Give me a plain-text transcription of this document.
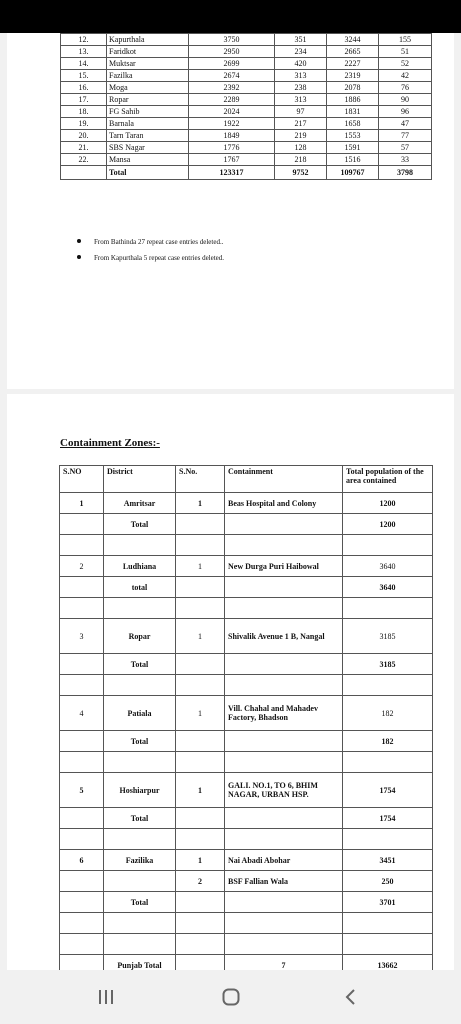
12.	Kapurthala	3750	351	3244	155
13.	Faridkot	2950	234	2665	51
14.	Muktsar	2699	420	2227	52
15.	Fazilka	2674	313	2319	42
16.	Moga	2392	238	2078	76
17.	Ropar	2289	313	1886	90
18.	FG Sahib	2024	97	1831	96
19.	Barnala	1922	217	1658	47
20.	Tarn Taran	1849	219	1553	77
21.	SBS Nagar	1776	128	1591	57
22.	Mansa	1767	218	1516	33
	Total	123317	9752	109767	3798
From Bathinda 27 repeat case entries deleted..
From Kapurthala 5 repeat case entries deleted.
Containment Zones:-
S.NO	District	S.No.	Containment	Total population of the area contained
1	Amritsar	1	Beas Hospital and Colony	1200
	Total			1200

2	Ludhiana	1	New Durga Puri Haibowal	3640
	total			3640

3	Ropar	1	Shivalik Avenue 1 B, Nangal	3185
	Total			3185

4	Patiala	1	Vill. Chahal and Mahadev Factory, Bhadson	182
	Total			182

5	Hoshiarpur	1	GALI. NO.1, TO 6, BHIM NAGAR, URBAN HSP.	1754
	Total			1754

6	Fazilika	1	Nai Abadi Abohar	3451
		2	BSF Fallian Wala	250
	Total			3701

	Punjab Total		7	13662
